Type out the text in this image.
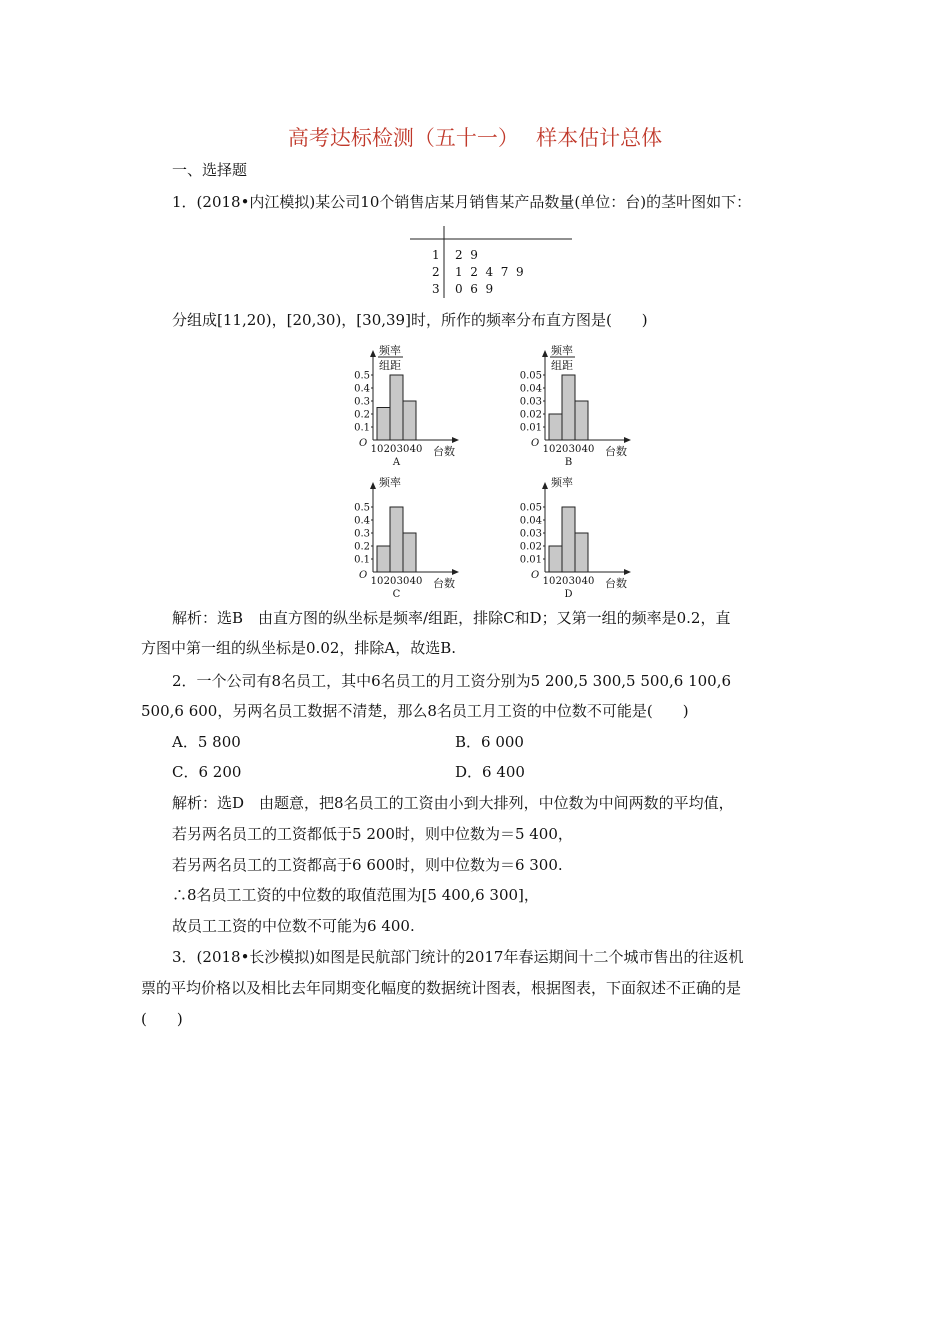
高考达标检测（五十一）　 样本估计总体
一、选择题
1．(2018•内江模拟)某公司10个销售店某月销售某产品数量(单位：台)的茎叶图如下：
1 2  9
2 1  2  4  7  9
3 0  6  9
分组成[11,20)，[20,30)，[30,39]时，所作的频率分布直方图是(　　)
频率
组距
O
0.1
0.2
0.3
0.4
0.5
10 20 30 40 台数
A
频率
组距
O
0.01
0.02
0.03
0.04
0.05
10 20 30 40 台数
B
频率
O
0.1
0.2
0.3
0.4
0.5
10 20 30 40 台数
C
频率
O
0.01
0.02
0.03
0.04
0.05
10 20 30 40 台数
D
解析：选B　由直方图的纵坐标是频率/组距，排除C和D；又第一组的频率是0.2，直
方图中第一组的纵坐标是0.02，排除A，故选B.
2．一个公司有8名员工，其中6名员工的月工资分别为5 200,5 300,5 500,6 100,6
500,6 600，另两名员工数据不清楚，那么8名员工月工资的中位数不可能是(　　)
A．5 800	B．6 000
C．6 200	D．6 400
解析：选D　由题意，把8名员工的工资由小到大排列，中位数为中间两数的平均值，
若另两名员工的工资都低于5 200时，则中位数为＝5 400，
若另两名员工的工资都高于6 600时，则中位数为＝6 300.
∴8名员工工资的中位数的取值范围为[5 400,6 300]，
故员工工资的中位数不可能为6 400.
3．(2018•长沙模拟)如图是民航部门统计的2017年春运期间十二个城市售出的往返机
票的平均价格以及相比去年同期变化幅度的数据统计图表，根据图表，下面叙述不正确的是
(　　)
